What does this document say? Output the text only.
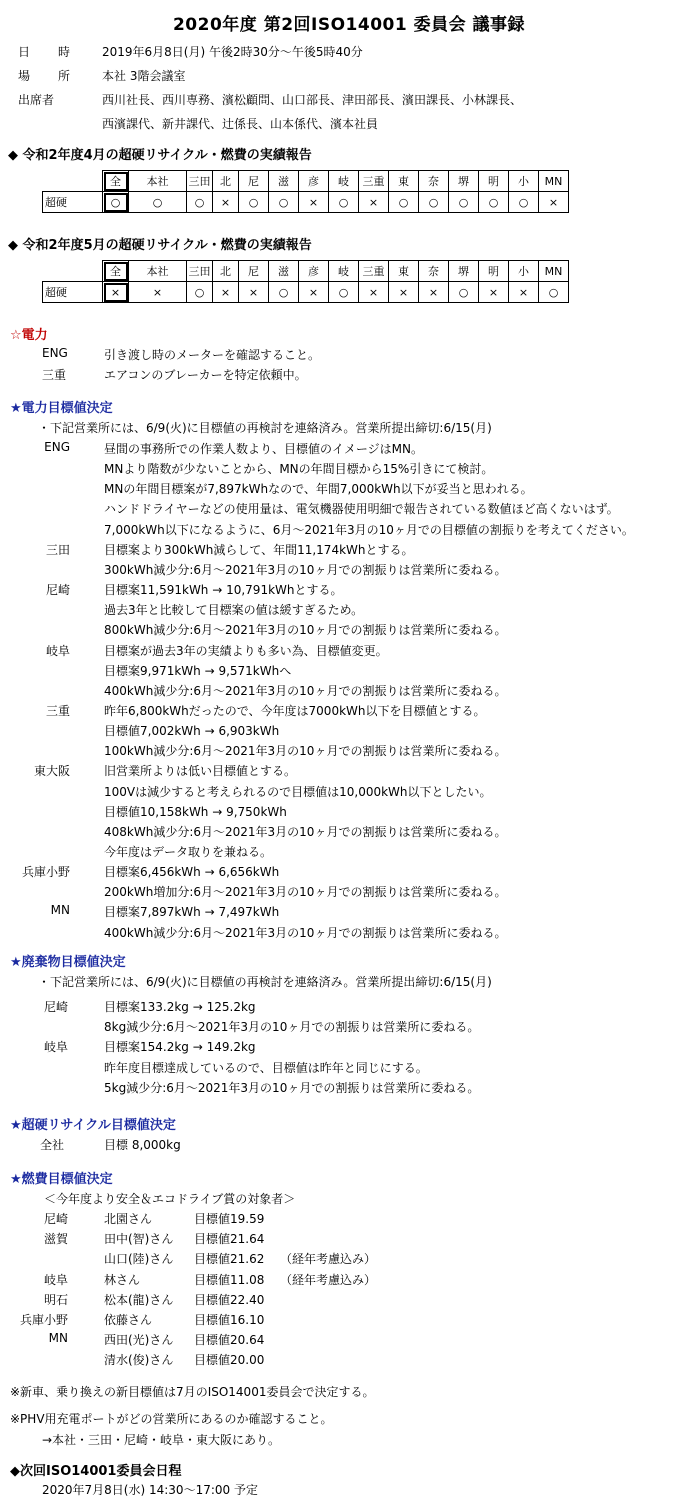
2020年度 第2回ISO14001 委員会 議事録
日　時 2019年6月8日(月) 午後2時30分～午後5時40分
場　所 本社 3階会議室
出席者	西川社長、西川専務、濱松顧問、山口部長、津田部長、濱田課長、小林課長、
西濱課代、新井課代、辻係長、山本係代、濱本社員
◆ 令和2年度4月の超硬リサイクル・燃費の実績報告
	全	本社	三田	北	尼	滋	彦	岐	三重	東	奈	堺	明	小	MN
超硬	○	○	○	×	○	○	×	○	×	○	○	○	○	○	×
◆ 令和2年度5月の超硬リサイクル・燃費の実績報告
	全	本社	三田	北	尼	滋	彦	岐	三重	東	奈	堺	明	小	MN
超硬	×	×	○	×	×	○	×	○	×	×	×	○	×	×	○
☆電力
ENG	引き渡し時のメーターを確認すること。
三重	エアコンのブレーカーを特定依頼中。
★電力目標値決定
・下記営業所には、6/9(火)に目標値の再検討を連絡済み。営業所提出締切:6/15(月)
ENG	昼間の事務所での作業人数より、目標値のイメージはMN。
MNより階数が少ないことから、MNの年間目標から15%引きにて検討。
MNの年間目標案が7,897kWhなので、年間7,000kWh以下が妥当と思われる。
ハンドドライヤーなどの使用量は、電気機器使用明細で報告されている数値ほど高くないはず。
7,000kWh以下になるように、6月～2021年3月の10ヶ月での目標値の割振りを考えてください。
三田	目標案より300kWh減らして、年間11,174kWhとする。
300kWh減少分:6月～2021年3月の10ヶ月での割振りは営業所に委ねる。
尼崎	目標案11,591kWh → 10,791kWhとする。
過去3年と比較して目標案の値は緩すぎるため。
800kWh減少分:6月～2021年3月の10ヶ月での割振りは営業所に委ねる。
岐阜	目標案が過去3年の実績よりも多い為、目標値変更。
目標案9,971kWh → 9,571kWhへ
400kWh減少分:6月～2021年3月の10ヶ月での割振りは営業所に委ねる。
三重	昨年6,800kWhだったので、今年度は7000kWh以下を目標値とする。
目標値7,002kWh → 6,903kWh
100kWh減少分:6月～2021年3月の10ヶ月での割振りは営業所に委ねる。
東大阪	旧営業所よりは低い目標値とする。
100Vは減少すると考えられるので目標値は10,000kWh以下としたい。
目標値10,158kWh → 9,750kWh
408kWh減少分:6月～2021年3月の10ヶ月での割振りは営業所に委ねる。
今年度はデータ取りを兼ねる。
兵庫小野	目標案6,456kWh → 6,656kWh
200kWh増加分:6月～2021年3月の10ヶ月での割振りは営業所に委ねる。
MN	目標案7,897kWh → 7,497kWh
400kWh減少分:6月～2021年3月の10ヶ月での割振りは営業所に委ねる。
★廃棄物目標値決定
・下記営業所には、6/9(火)に目標値の再検討を連絡済み。営業所提出締切:6/15(月)
尼崎	目標案133.2kg → 125.2kg
8kg減少分:6月～2021年3月の10ヶ月での割振りは営業所に委ねる。
岐阜	目標案154.2kg → 149.2kg
昨年度目標達成しているので、目標値は昨年と同じにする。
5kg減少分:6月～2021年3月の10ヶ月での割振りは営業所に委ねる。
★超硬リサイクル目標値決定
全社	目標 8,000kg
★燃費目標値決定
＜今年度より安全＆エコドライブ賞の対象者＞
尼崎	北園さん	目標値19.59
滋賀	田中(智)さん 目標値21.64
山口(陸)さん 目標値21.62 （経年考慮込み）
岐阜	林さん	目標値11.08 （経年考慮込み）
明石	松本(龍)さん 目標値22.40
兵庫小野	依藤さん	目標値16.10
MN	西田(光)さん 目標値20.64
清水(俊)さん 目標値20.00
※新車、乗り換えの新目標値は7月のISO14001委員会で決定する。
※PHV用充電ポートがどの営業所にあるのか確認すること。
→本社・三田・尼崎・岐阜・東大阪にあり。
◆次回ISO14001委員会日程
2020年7月8日(水) 14:30～17:00 予定
